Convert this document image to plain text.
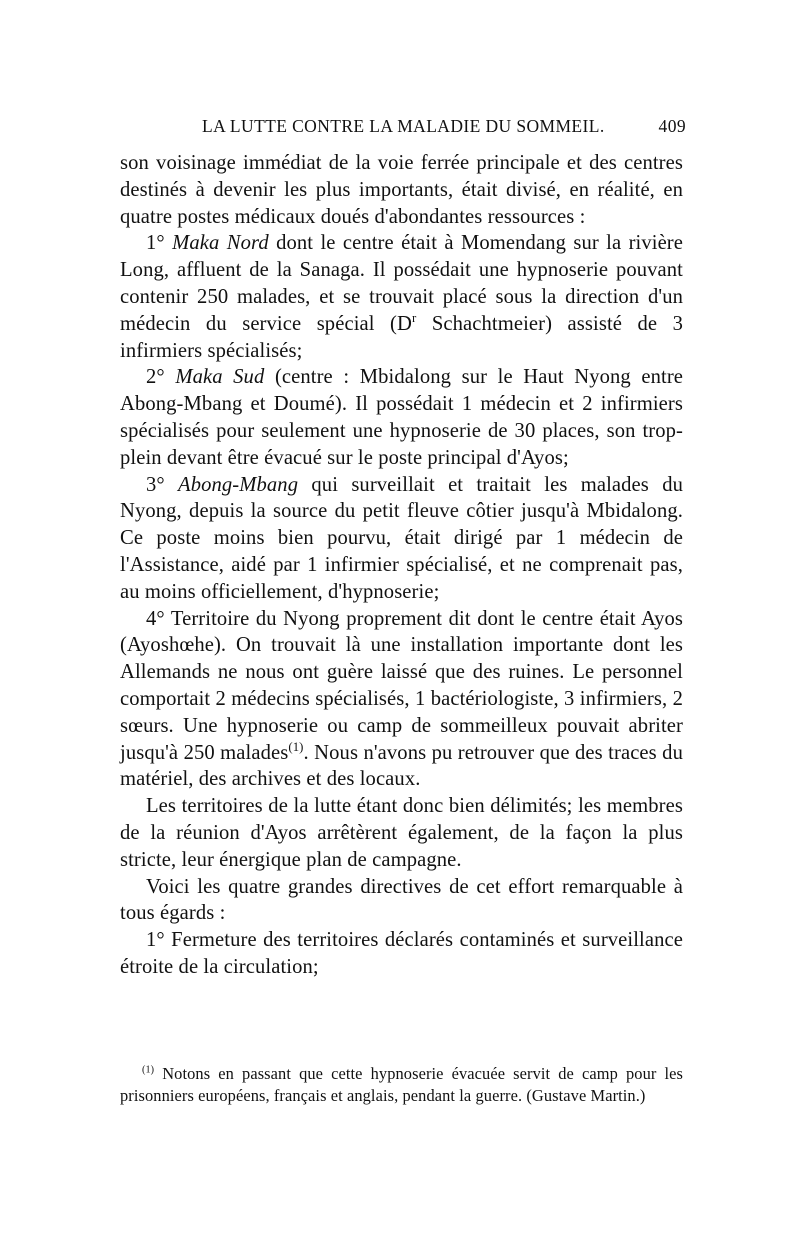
LA LUTTE CONTRE LA MALADIE DU SOMMEIL.	409

son voisinage immédiat de la voie ferrée principale et des centres destinés à devenir les plus importants, était divisé, en réalité, en quatre postes médicaux doués d'abondantes ressources :

1° Maka Nord dont le centre était à Momendang sur la rivière Long, affluent de la Sanaga. Il possédait une hypnoserie pouvant contenir 250 malades, et se trouvait placé sous la direction d'un médecin du service spécial ($D^r$ Schachtmeier) assisté de 3 infirmiers spécialisés;

2° Maka Sud (centre : Mbidalong sur le Haut Nyong entre Abong-Mbang et Doumé). Il possédait 1 médecin et 2 infirmiers spécialisés pour seulement une hypnoserie de 30 places, son trop-plein devant être évacué sur le poste principal d'Ayos;

3° Abong-Mbang qui surveillait et traitait les malades du Nyong, depuis la source du petit fleuve côtier jusqu'à Mbidalong. Ce poste moins bien pourvu, était dirigé par 1 médecin de l'Assistance, aidé par 1 infirmier spécialisé, et ne comprenait pas, au moins officiellement, d'hypnoserie;

4° Territoire du Nyong proprement dit dont le centre était Ayos (Ayoshœhe). On trouvait là une installation importante dont les Allemands ne nous ont guère laissé que des ruines. Le personnel comportait 2 médecins spécialisés, 1 bactériologiste, 3 infirmiers, 2 sœurs. Une hypnoserie ou camp de sommeilleux pouvait abriter jusqu'à 250 malades$^{(1)}$. Nous n'avons pu retrouver que des traces du matériel, des archives et des locaux.

Les territoires de la lutte étant donc bien délimités; les membres de la réunion d'Ayos arrêtèrent également, de la façon la plus stricte, leur énergique plan de campagne.

Voici les quatre grandes directives de cet effort remarquable à tous égards :

1° Fermeture des territoires déclarés contaminés et surveillance étroite de la circulation;

$^{(1)}$ Notons en passant que cette hypnoserie évacuée servit de camp pour les prisonniers européens, français et anglais, pendant la guerre. (Gustave Martin.)
